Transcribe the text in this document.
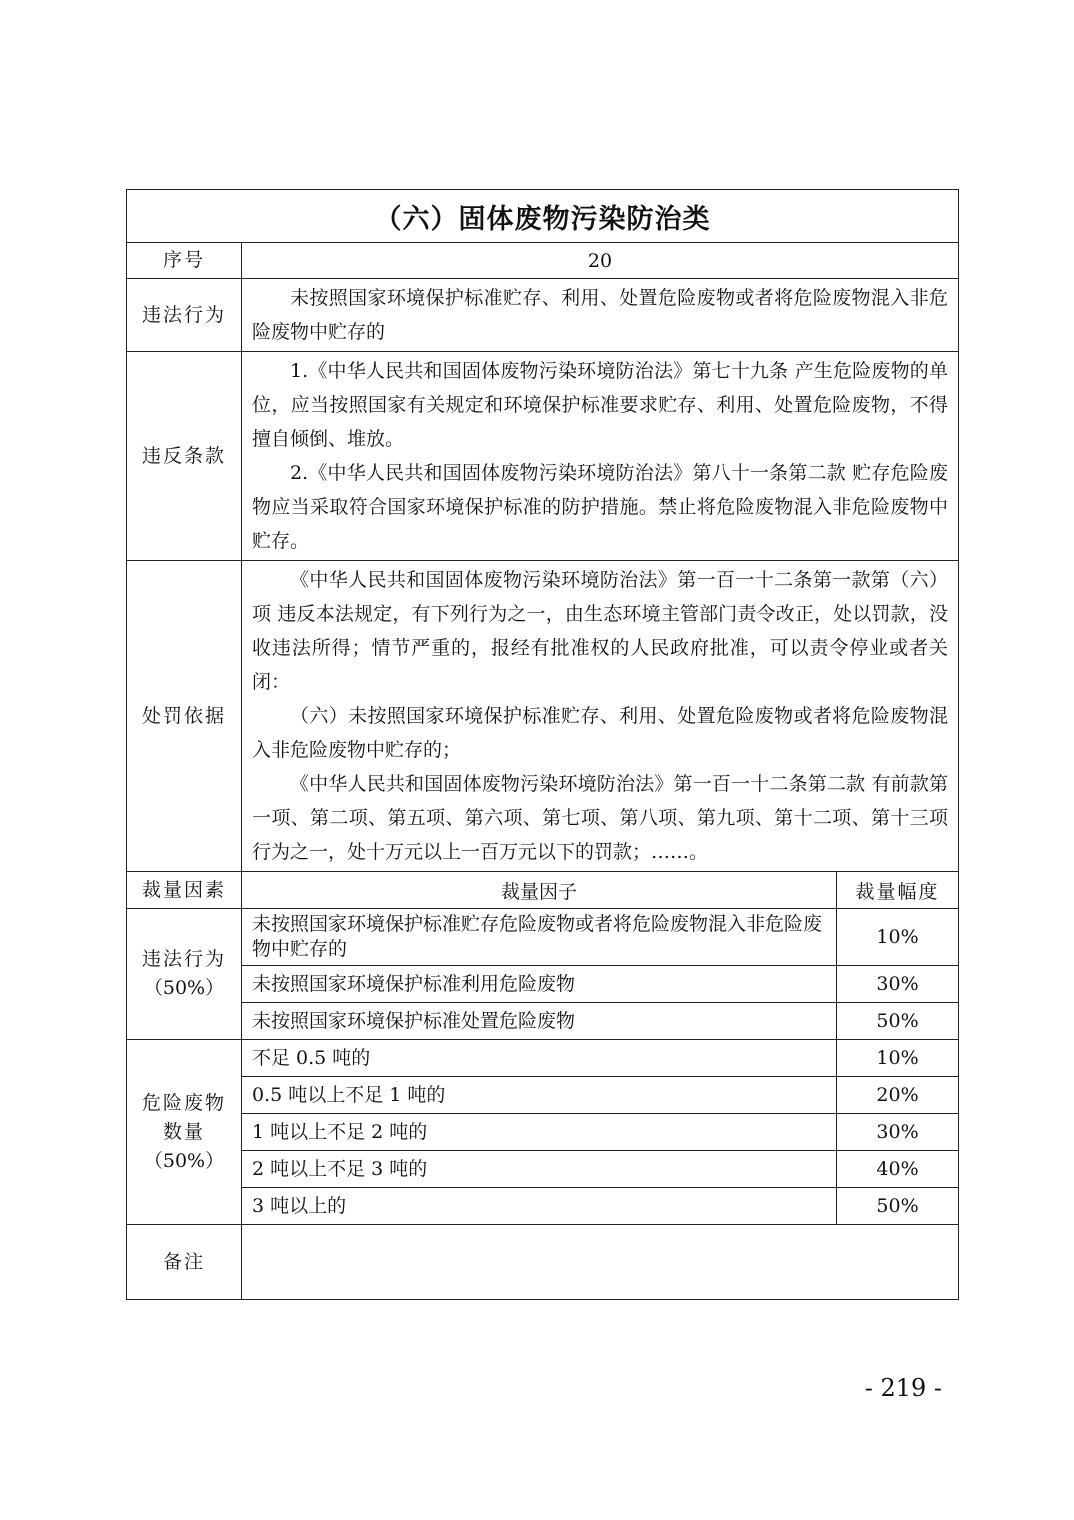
（六）固体废物污染防治类		
序号	20	
违法行为	未按照国家环境保护标准贮存、利用、处置危险废物或者将危险废物混入非危险废物中贮存的	

违反条款	1.《中华人民共和国固体废物污染环境防治法》第七十九条 产生危险废物的单位，应当按照国家有关规定和环境保护标准要求贮存、利用、处置危险废物，不得擅自倾倒、堆放。

2.《中华人民共和国固体废物污染环境防治法》第八十一条第二款 贮存危险废物应当采取符合国家环境保护标准的防护措施。禁止将危险废物混入非危险废物中贮存。	

处罚依据	《中华人民共和国固体废物污染环境防治法》第一百一十二条第一款第（六）项 违反本法规定，有下列行为之一，由生态环境主管部门责令改正，处以罚款，没收违法所得；情节严重的，报经有批准权的人民政府批准，可以责令停业或者关闭：

（六）未按照国家环境保护标准贮存、利用、处置危险废物或者将危险废物混入非危险废物中贮存的；

《中华人民共和国固体废物污染环境防治法》第一百一十二条第二款 有前款第一项、第二项、第五项、第六项、第七项、第八项、第九项、第十二项、第十三项行为之一，处十万元以上一百万元以下的罚款；……。	

裁量因素	裁量因子	裁量幅度

违法行为
（50%）	未按照国家环境保护标准贮存危险废物或者将危险废物混入非危险废物中贮存的	10%
	未按照国家环境保护标准利用危险废物	30%
	未按照国家环境保护标准处置危险废物	50%

危险废物
数量
（50%）	不足 0.5 吨的	10%
	0.5 吨以上不足 1 吨的	20%
	1 吨以上不足 2 吨的	30%
	2 吨以上不足 3 吨的	40%
	3 吨以上的	50%
备注		
- 219 -
